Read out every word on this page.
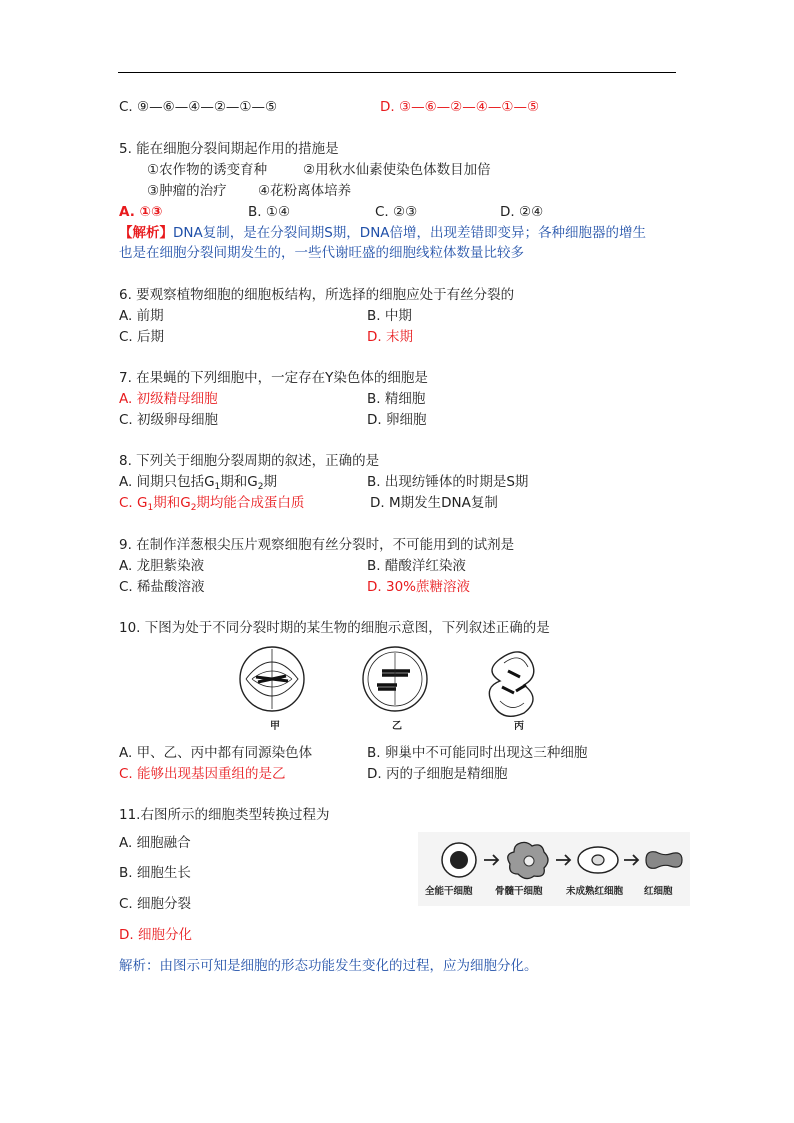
C. ⑨—⑥—④—②—①—⑤	D. ③—⑥—②—④—①—⑤
5. 能在细胞分裂间期起作用的措施是
①农作物的诱变育种	②用秋水仙素使染色体数目加倍
③肿瘤的治疗 ④花粉离体培养
A. ①③	B. ①④	C. ②③	D. ②④
【解析】DNA复制，是在分裂间期S期，DNA倍增，出现差错即变异；各种细胞器的增生
也是在细胞分裂间期发生的，一些代谢旺盛的细胞线粒体数量比较多
6. 要观察植物细胞的细胞板结构，所选择的细胞应处于有丝分裂的
A. 前期	B. 中期
C. 后期	D. 末期
7. 在果蝇的下列细胞中，一定存在Y染色体的细胞是
A. 初级精母细胞	B. 精细胞
C. 初级卵母细胞	D. 卵细胞
8. 下列关于细胞分裂周期的叙述，正确的是
A. 间期只包括$G_1$期和$G_2$期	B. 出现纺锤体的时期是S期
C. $G_1$期和$G_2$期均能合成蛋白质	D. M期发生DNA复制
9. 在制作洋葱根尖压片观察细胞有丝分裂时，不可能用到的试剂是
A. 龙胆紫染液	B. 醋酸洋红染液
C. 稀盐酸溶液	D. 30%蔗糖溶液
10. 下图为处于不同分裂时期的某生物的细胞示意图，下列叙述正确的是
甲	乙	丙
A. 甲、乙、丙中都有同源染色体	B. 卵巢中不可能同时出现这三种细胞
C. 能够出现基因重组的是乙	D. 丙的子细胞是精细胞
11.右图所示的细胞类型转换过程为
A. 细胞融合
B. 细胞生长
C. 细胞分裂
D. 细胞分化
全能干细胞 骨髓干细胞 未成熟红细胞 红细胞
解析：由图示可知是细胞的形态功能发生变化的过程，应为细胞分化。
